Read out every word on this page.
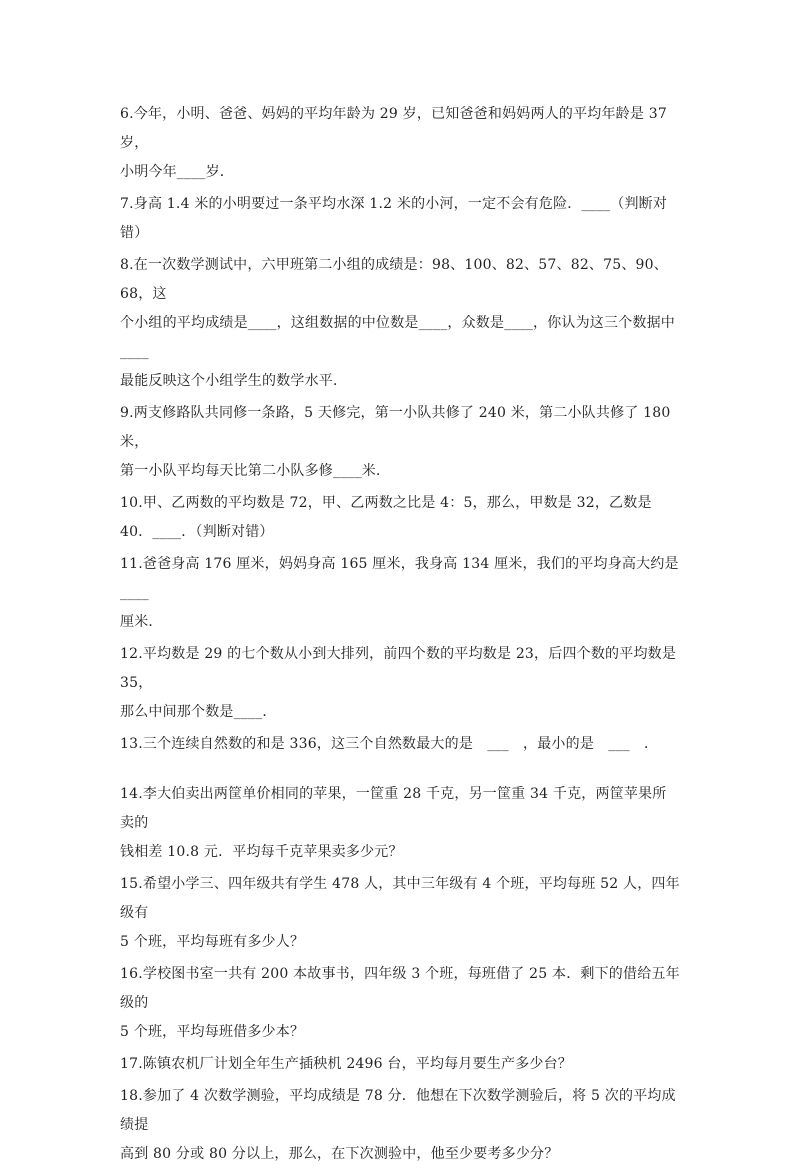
6.今年，小明、爸爸、妈妈的平均年龄为 29 岁，已知爸爸和妈妈两人的平均年龄是 37 岁，
小明今年____岁．
7.身高 1.4 米的小明要过一条平均水深 1.2 米的小河，一定不会有危险．____（判断对错）
8.在一次数学测试中，六甲班第二小组的成绩是：98、100、82、57、82、75、90、68，这
个小组的平均成绩是____，这组数据的中位数是____，众数是____，你认为这三个数据中____
最能反映这个小组学生的数学水平．
9.两支修路队共同修一条路，5 天修完，第一小队共修了 240 米，第二小队共修了 180 米，
第一小队平均每天比第二小队多修____米．
10.甲、乙两数的平均数是 72，甲、乙两数之比是 4：5，那么，甲数是 32，乙数是
40．____．（判断对错）
11.爸爸身高 176 厘米，妈妈身高 165 厘米，我身高 134 厘米，我们的平均身高大约是____
厘米．
12.平均数是 29 的七个数从小到大排列，前四个数的平均数是 23，后四个数的平均数是 35，
那么中间那个数是____．
13.三个连续自然数的和是 336，这三个自然数最大的是　___　，最小的是　___　．
14.李大伯卖出两筐单价相同的苹果，一筐重 28 千克，另一筐重 34 千克，两筐苹果所卖的
钱相差 10.8 元．平均每千克苹果卖多少元？
15.希望小学三、四年级共有学生 478 人，其中三年级有 4 个班，平均每班 52 人，四年级有
5 个班，平均每班有多少人？
16.学校图书室一共有 200 本故事书，四年级 3 个班，每班借了 25 本．剩下的借给五年级的
5 个班，平均每班借多少本？
17.陈镇农机厂计划全年生产插秧机 2496 台，平均每月要生产多少台？
18.参加了 4 次数学测验，平均成绩是 78 分．他想在下次数学测验后，将 5 次的平均成绩提
高到 80 分或 80 分以上，那么，在下次测验中，他至少要考多少分？
